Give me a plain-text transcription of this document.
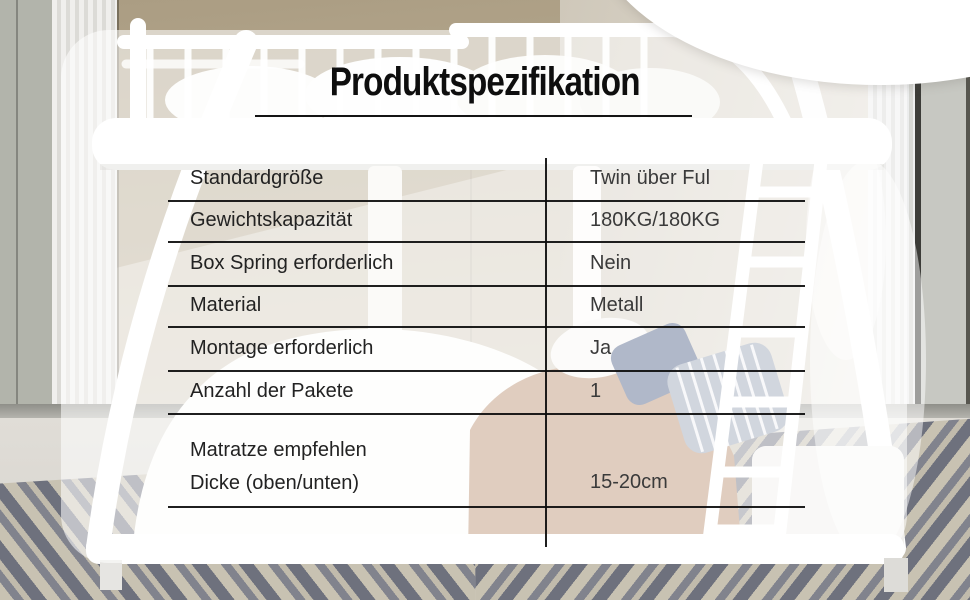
Produktspezifikation
Standardgröße	Twin über Ful
Gewichtskapazität	180KG/180KG
Box Spring erforderlich	Nein
Material	Metall
Montage erforderlich	Ja
Anzahl der Pakete	1
Matratze empfehlen
Dicke (oben/unten)	15-20cm
